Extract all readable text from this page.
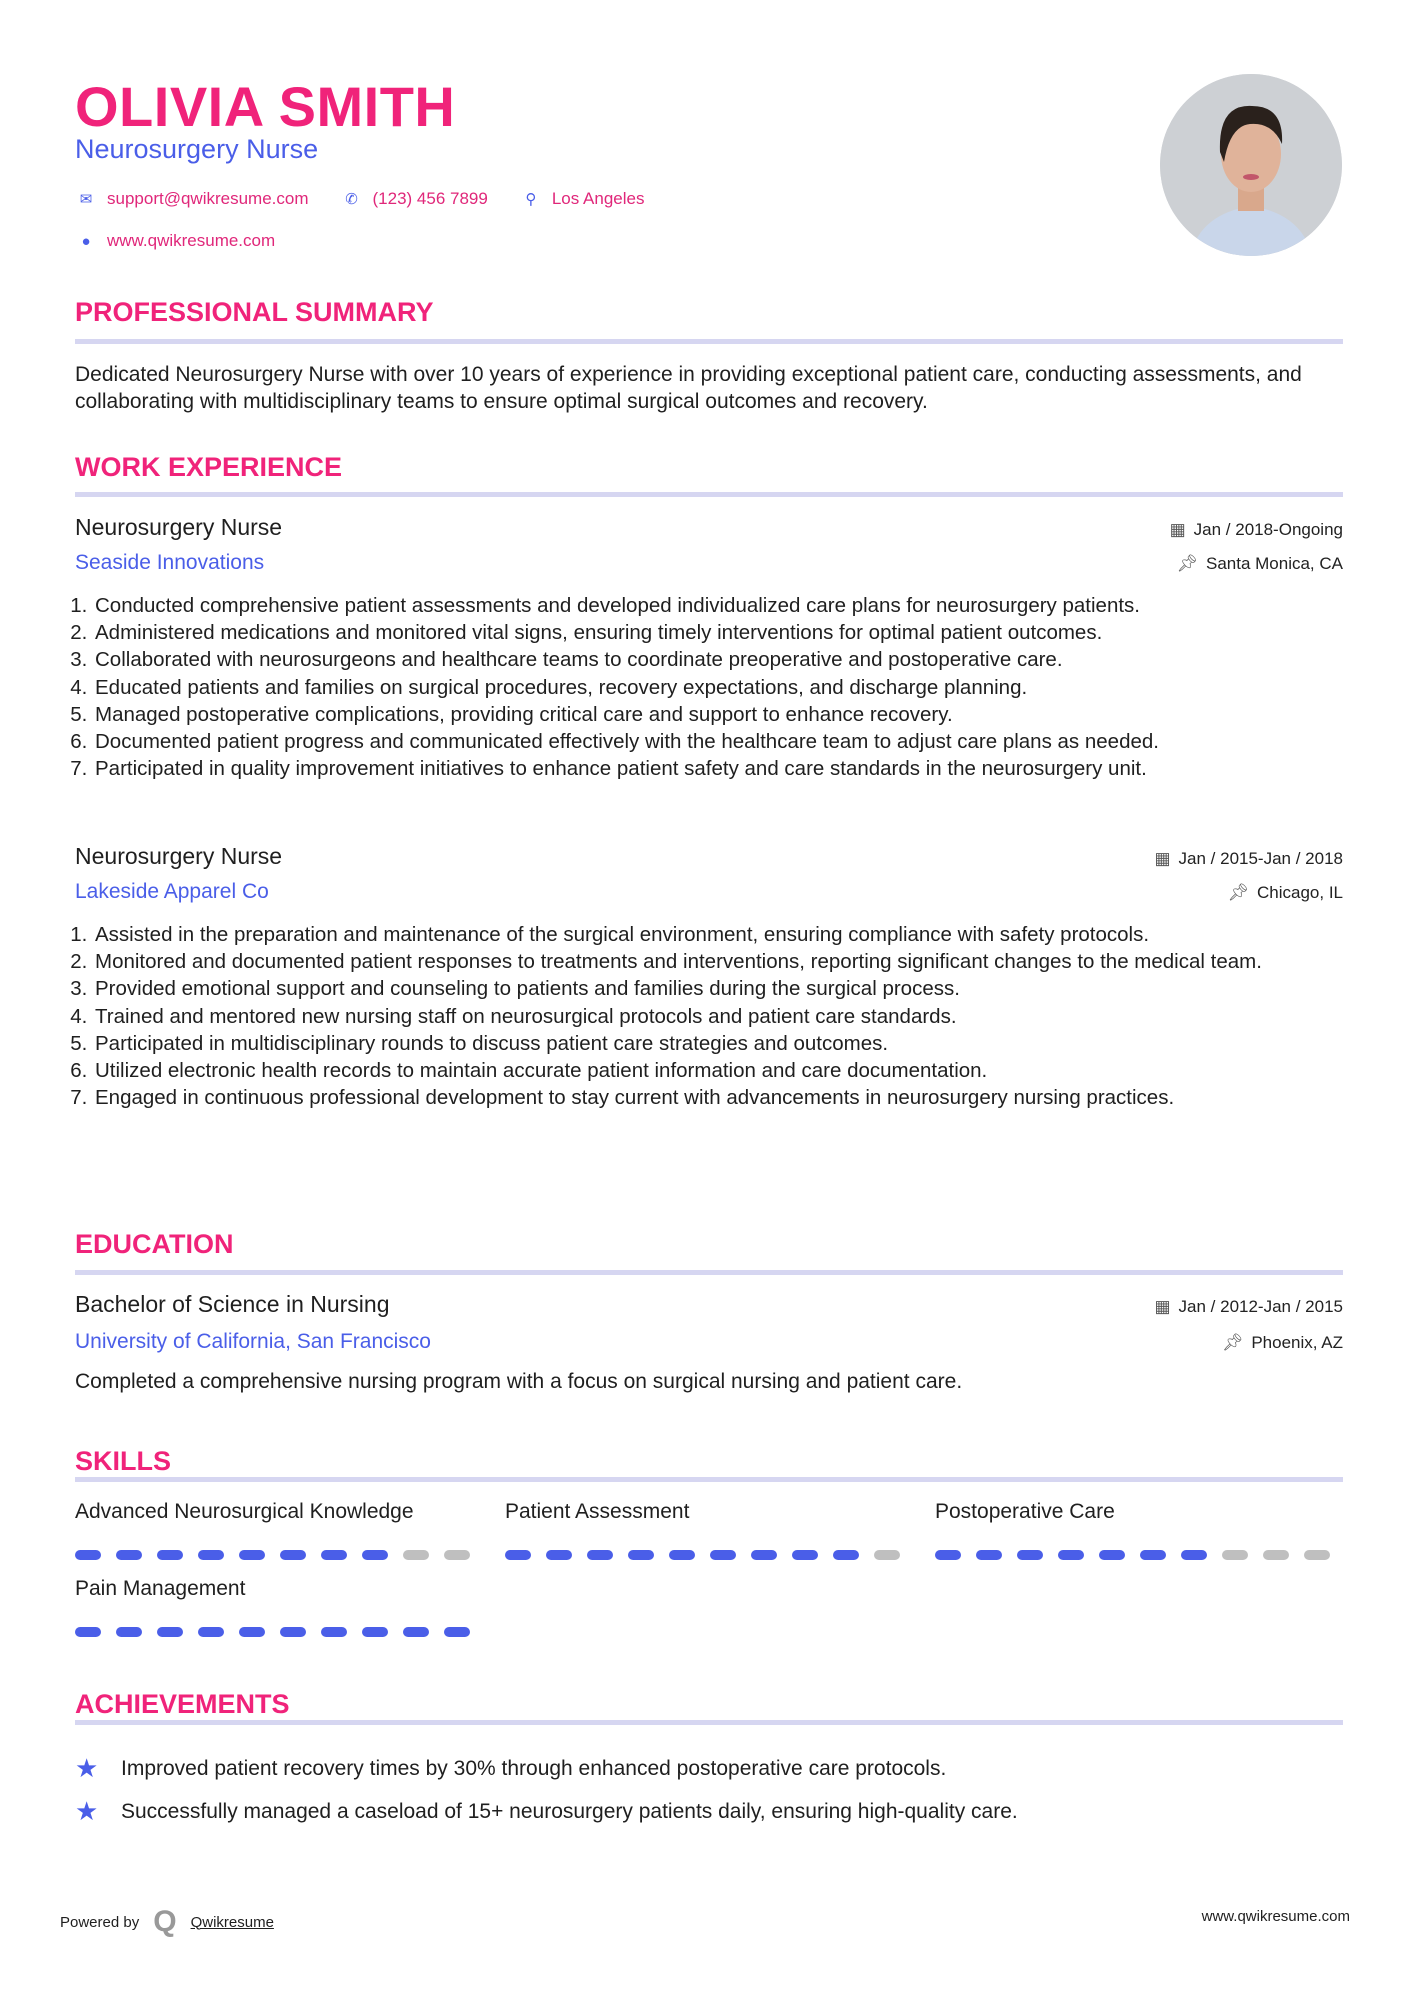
OLIVIA SMITH
Neurosurgery Nurse
✉ support@qwikresume.com	✆ (123) 456 7899	⚲ Los Angeles
● www.qwikresume.com
PROFESSIONAL SUMMARY
Dedicated Neurosurgery Nurse with over 10 years of experience in providing exceptional patient care, conducting assessments, and collaborating with multidisciplinary teams to ensure optimal surgical outcomes and recovery.
WORK EXPERIENCE
Neurosurgery Nurse	▦ Jan / 2018-Ongoing
Seaside Innovations	📌︎ Santa Monica, CA
1. Conducted comprehensive patient assessments and developed individualized care plans for neurosurgery patients.
2. Administered medications and monitored vital signs, ensuring timely interventions for optimal patient outcomes.
3. Collaborated with neurosurgeons and healthcare teams to coordinate preoperative and postoperative care.
4. Educated patients and families on surgical procedures, recovery expectations, and discharge planning.
5. Managed postoperative complications, providing critical care and support to enhance recovery.
6. Documented patient progress and communicated effectively with the healthcare team to adjust care plans as needed.
7. Participated in quality improvement initiatives to enhance patient safety and care standards in the neurosurgery unit.
Neurosurgery Nurse	▦ Jan / 2015-Jan / 2018
Lakeside Apparel Co	📌︎ Chicago, IL
1. Assisted in the preparation and maintenance of the surgical environment, ensuring compliance with safety protocols.
2. Monitored and documented patient responses to treatments and interventions, reporting significant changes to the medical team.
3. Provided emotional support and counseling to patients and families during the surgical process.
4. Trained and mentored new nursing staff on neurosurgical protocols and patient care standards.
5. Participated in multidisciplinary rounds to discuss patient care strategies and outcomes.
6. Utilized electronic health records to maintain accurate patient information and care documentation.
7. Engaged in continuous professional development to stay current with advancements in neurosurgery nursing practices.
EDUCATION
Bachelor of Science in Nursing	▦ Jan / 2012-Jan / 2015
University of California, San Francisco	📌︎ Phoenix, AZ
Completed a comprehensive nursing program with a focus on surgical nursing and patient care.
SKILLS
Advanced Neurosurgical Knowledge	Patient Assessment	Postoperative Care
Pain Management
ACHIEVEMENTS
★	Improved patient recovery times by 30% through enhanced postoperative care protocols.
★	Successfully managed a caseload of 15+ neurosurgery patients daily, ensuring high-quality care.
Powered by Q Qwikresume	www.qwikresume.com
